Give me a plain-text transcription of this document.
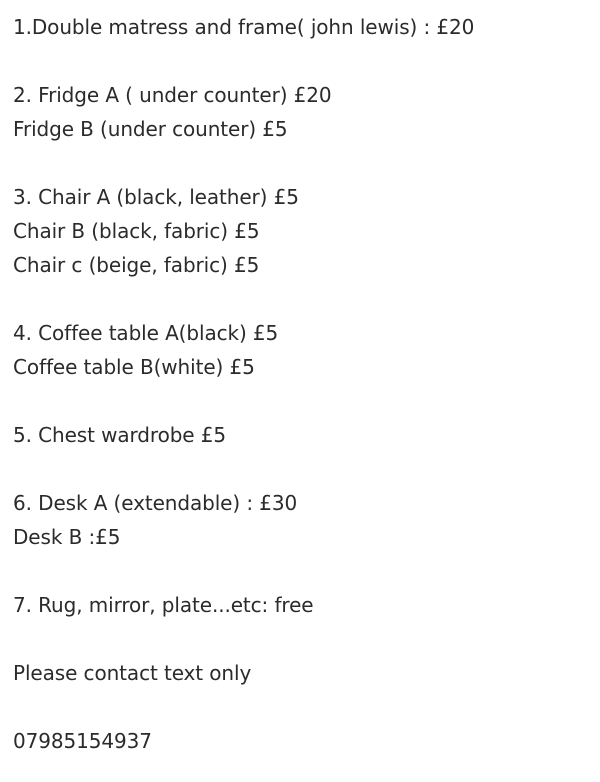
1.Double matress and frame( john lewis) : £20
2. Fridge A ( under counter) £20
Fridge B (under counter) £5
3. Chair A (black, leather) £5
Chair B (black, fabric) £5
Chair c (beige, fabric) £5
4. Coffee table A(black) £5
Coffee table B(white) £5
5. Chest wardrobe £5
6. Desk A (extendable) : £30
Desk B :£5
7. Rug, mirror, plate...etc: free
Please contact text only
07985154937
